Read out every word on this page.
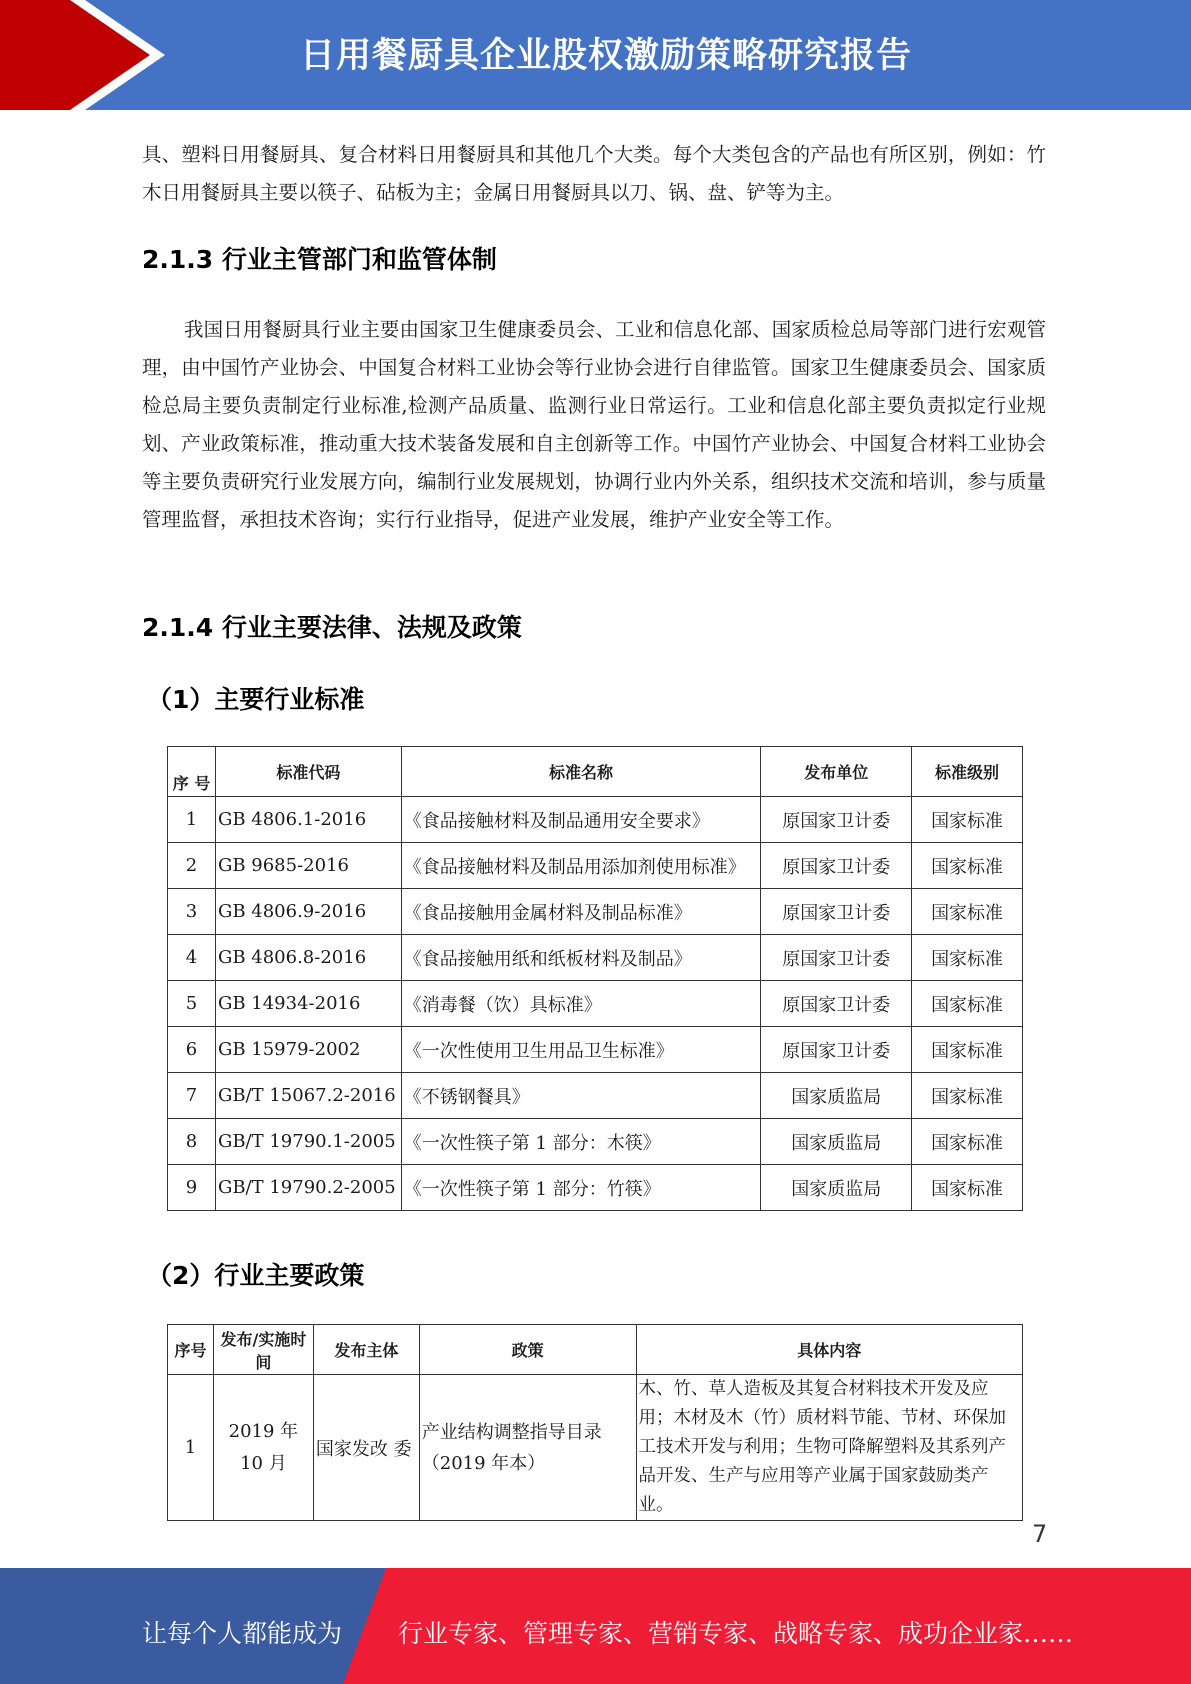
日用餐厨具企业股权激励策略研究报告

具、塑料日用餐厨具、复合材料日用餐厨具和其他几个大类。每个大类包含的产品也有所区别，例如：竹木日用餐厨具主要以筷子、砧板为主；金属日用餐厨具以刀、锅、盘、铲等为主。

2.1.3 行业主管部门和监管体制

我国日用餐厨具行业主要由国家卫生健康委员会、工业和信息化部、国家质检总局等部门进行宏观管理，由中国竹产业协会、中国复合材料工业协会等行业协会进行自律监管。国家卫生健康委员会、国家质检总局主要负责制定行业标准,检测产品质量、监测行业日常运行。工业和信息化部主要负责拟定行业规划、产业政策标准，推动重大技术装备发展和自主创新等工作。中国竹产业协会、中国复合材料工业协会等主要负责研究行业发展方向，编制行业发展规划，协调行业内外关系，组织技术交流和培训，参与质量管理监督，承担技术咨询；实行行业指导，促进产业发展，维护产业安全等工作。

2.1.4 行业主要法律、法规及政策
（1）主要行业标准
序 号	标准代码	标准名称	发布单位	标准级别
1	GB 4806.1-2016	《食品接触材料及制品通用安全要求》	原国家卫计委	国家标准
2	GB 9685-2016	《食品接触材料及制品用添加剂使用标准》	原国家卫计委	国家标准
3	GB 4806.9-2016	《食品接触用金属材料及制品标准》	原国家卫计委	国家标准
4	GB 4806.8-2016	《食品接触用纸和纸板材料及制品》	原国家卫计委	国家标准
5	GB 14934-2016	《消毒餐（饮）具标准》	原国家卫计委	国家标准
6	GB 15979-2002	《一次性使用卫生用品卫生标准》	原国家卫计委	国家标准
7	GB/T 15067.2-2016	《不锈钢餐具》	国家质监局	国家标准
8	GB/T 19790.1-2005	《一次性筷子第 1 部分：木筷》	国家质监局	国家标准
9	GB/T 19790.2-2005	《一次性筷子第 1 部分：竹筷》	国家质监局	国家标准
（2）行业主要政策
序号	发布/实施时间	发布主体	政策	具体内容
1	2019 年10 月	国家发改 委	产业结构调整指导目录（2019 年本）	木、竹、草人造板及其复合材料技术开发及应用；木材及木（竹）质材料节能、节材、环保加工技术开发与利用；生物可降解塑料及其系列产品开发、生产与应用等产业属于国家鼓励类产业。
7
让每个人都能成为 行业专家、管理专家、营销专家、战略专家、成功企业家……
